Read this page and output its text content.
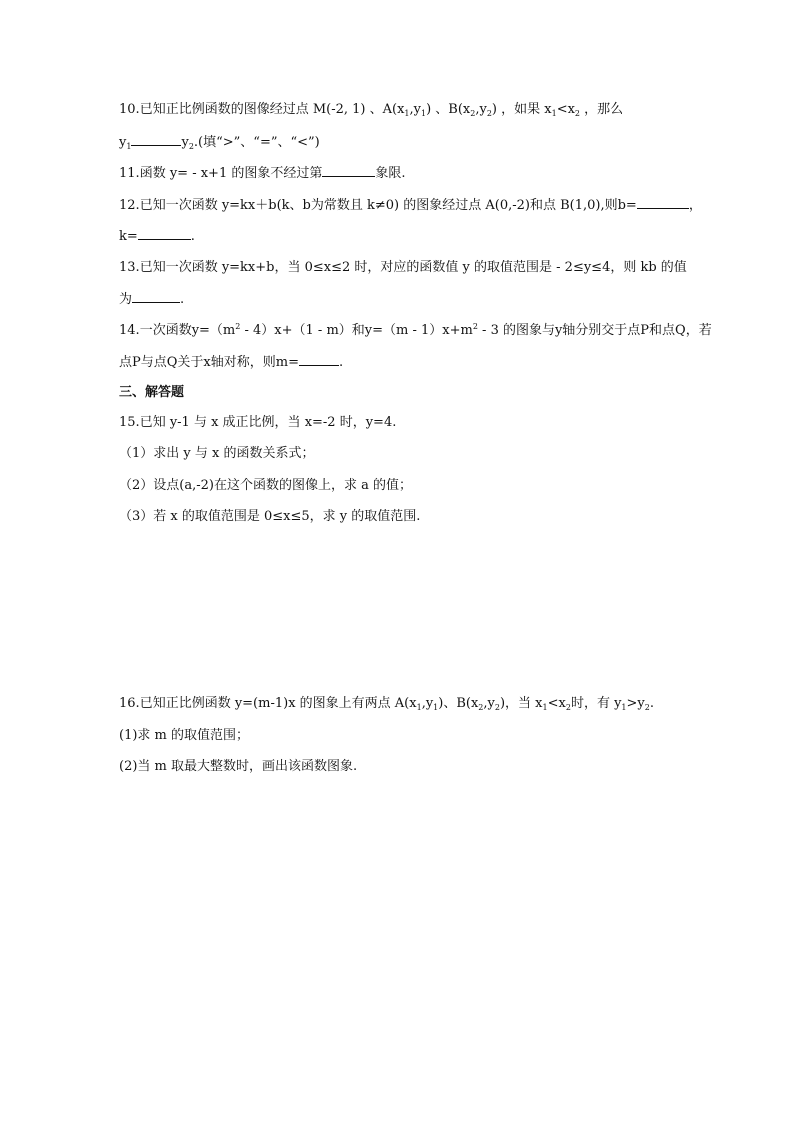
10.已知正比例函数的图像经过点 M(-2, 1) 、$A(x_1,y_1)$ 、$B(x_2,y_2)$ ，如果 $x_1<x_2$ ，那么
$y_1$	$y_2$.(填“>”、“=”、“<”)
11.函数 y= - x+1 的图象不经过第	象限.
12.已知一次函数 y=kx＋b(k、b为常数且 k≠0) 的图象经过点 A(0,-2)和点 B(1,0),则b=	，
k=	.
13.已知一次函数 y=kx+b，当 0≤x≤2 时，对应的函数值 y 的取值范围是 - 2≤y≤4，则 kb 的值
为	.
14.一次函数$y=(m^2 - 4)x+(1 - m)$和$y=(m - 1)x+m^2 - 3$ 的图象与y轴分别交于点P和点Q，若
点P与点Q关于x轴对称，则m=	.
三、解答题
15.已知 y-1 与 x 成正比例，当 x=-2 时，y=4.
（1）求出 y 与 x 的函数关系式；
（2）设点(a,-2)在这个函数的图像上，求 a 的值；
（3）若 x 的取值范围是 0≤x≤5，求 y 的取值范围.
16.已知正比例函数 y=(m-1)x 的图象上有两点 $A(x_1,y_1)$、$B(x_2,y_2)$，当 $x_1<x_2$时，有 $y_1>y_2$.
(1)求 m 的取值范围；
(2)当 m 取最大整数时，画出该函数图象.
